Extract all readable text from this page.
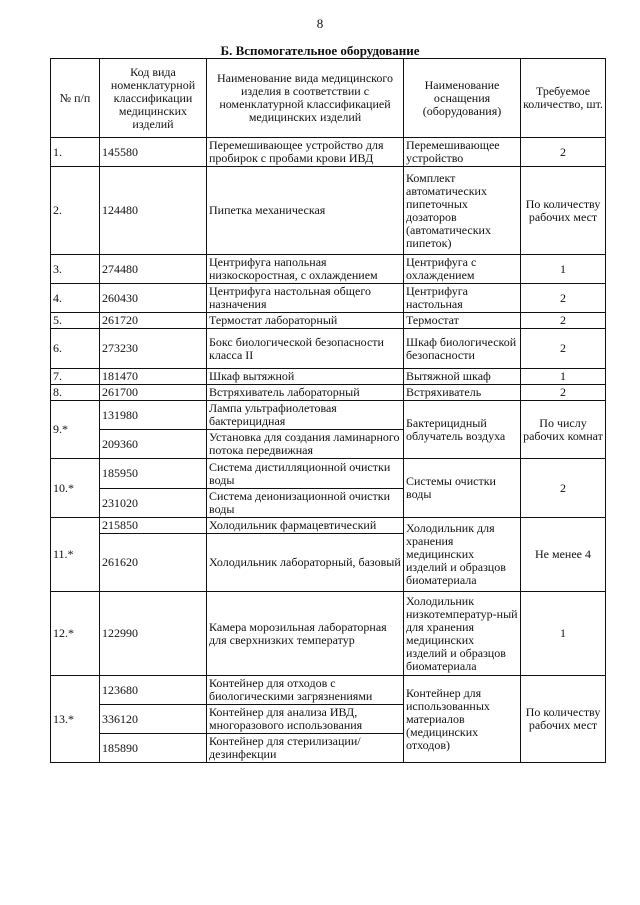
8
Б. Вспомогательное оборудование
№ п/п	Код вида номенклатурной классификации медицинских изделий	Наименование вида медицинского изделия в соответствии с номенклатурной классификацией медицинских изделий	Наименование оснащения (оборудования)	Требуемое количество, шт.
1.	145580	Перемешивающее устройство для пробирок с пробами крови ИВД	Перемешивающее устройство	2
2.	124480	Пипетка механическая	Комплект автоматических пипеточных дозаторов (автоматических пипеток)	По количеству рабочих мест
3.	274480	Центрифуга напольная низкоскоростная, с охлаждением	Центрифуга с охлаждением	1
4.	260430	Центрифуга настольная общего назначения	Центрифуга настольная	2
5.	261720	Термостат лабораторный	Термостат	2
6.	273230	Бокс биологической безопасности класса II	Шкаф биологической безопасности	2
7.	181470	Шкаф вытяжной	Вытяжной шкаф	1
8.	261700	Встряхиватель лабораторный	Встряхиватель	2
9.*	131980	Лампа ультрафиолетовая бактерицидная	Бактерицидный облучатель воздуха	По числу рабочих комнат
	209360	Установка для создания ламинарного потока передвижная		
10.*	185950	Система дистилляционной очистки воды	Системы очистки воды	2
	231020	Система деионизационной очистки воды		
11.*	215850	Холодильник фармацевтический	Холодильник для хранения медицинских изделий и образцов биоматериала	Не менее 4
	261620	Холодильник лабораторный, базовый		
12.*	122990	Камера морозильная лабораторная для сверхнизких температур	Холодильник низкотемператур-ный для хранения медицинских изделий и образцов биоматериала	1
13.*	123680	Контейнер для отходов с биологическими загрязнениями	Контейнер для использованных материалов (медицинских отходов)	По количеству рабочих мест
	336120	Контейнер для анализа ИВД, многоразового использования		
	185890	Контейнер для стерилизации/дезинфекции		
